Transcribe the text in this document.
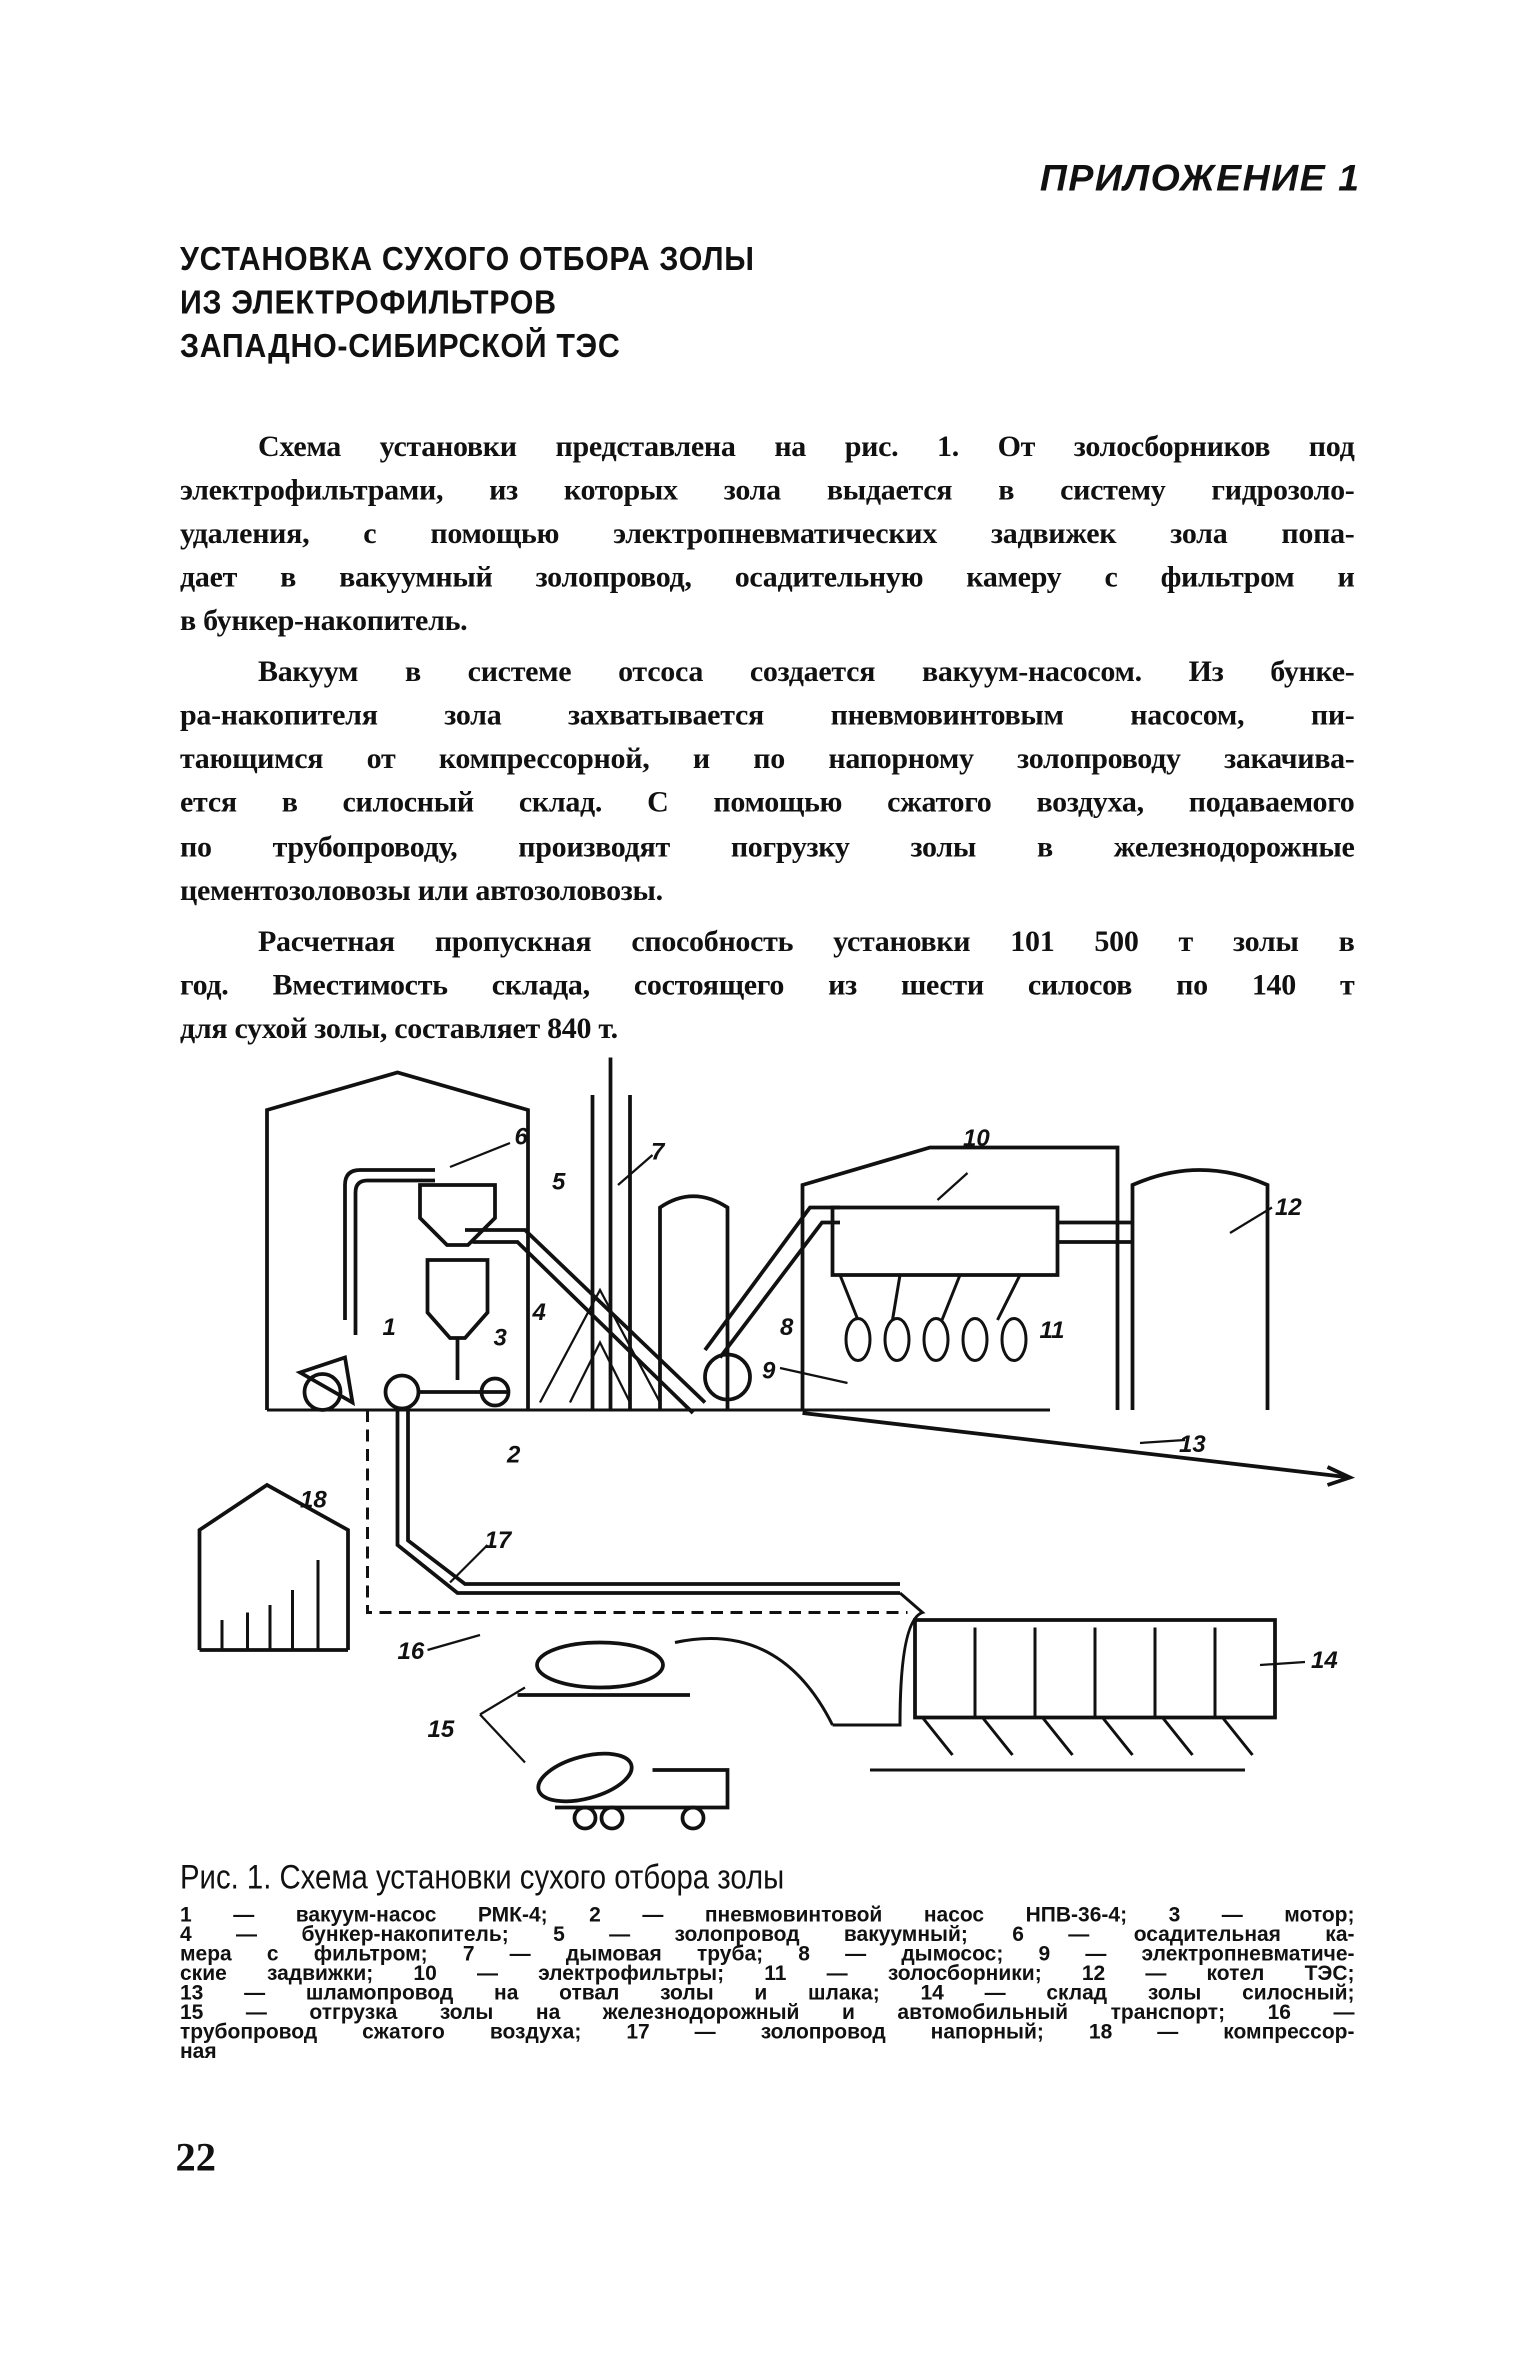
ПРИЛОЖЕНИЕ 1
УСТАНОВКА СУХОГО ОТБОРА ЗОЛЫ
ИЗ ЭЛЕКТРОФИЛЬТРОВ
ЗАПАДНО-СИБИРСКОЙ ТЭС
Схема установки представлена на рис. 1. От золосборников под
электрофильтрами, из которых зола выдается в систему гидрозоло-
удаления, с помощью электропневматических задвижек зола попа-
дает в вакуумный золопровод, осадительную камеру с фильтром и
в бункер-накопитель.
Вакуум в системе отсоса создается вакуум-насосом. Из бунке-
ра-накопителя зола захватывается пневмовинтовым насосом, пи-
тающимся от компрессорной, и по напорному золопроводу закачива-
ется в силосный склад. С помощью сжатого воздуха, подаваемого
по трубопроводу, производят погрузку золы в железнодорожные
цементозоловозы или автозоловозы.
Расчетная пропускная способность установки 101 500 т золы в
год. Вместимость склада, состоящего из шести силосов по 140 т
для сухой золы, составляет 840 т.
1
2
3
4
5
6
7
8
9
10
11
12
13
14
15
16
17
18
Рис. 1. Схема установки сухого отбора золы
1 — вакуум-насос РМК-4; 2 — пневмовинтовой насос НПВ-36-4; 3 — мотор;
4 — бункер-накопитель; 5 — золопровод вакуумный; 6 — осадительная ка-
мера с фильтром; 7 — дымовая труба; 8 — дымосос; 9 — электропневматиче-
ские задвижки; 10 — электрофильтры; 11 — золосборники; 12 — котел ТЭС;
13 — шламопровод на отвал золы и шлака; 14 — склад золы силосный;
15 — отгрузка золы на железнодорожный и автомобильный транспорт; 16 —
трубопровод сжатого воздуха; 17 — золопровод напорный; 18 — компрессор-
ная
22
